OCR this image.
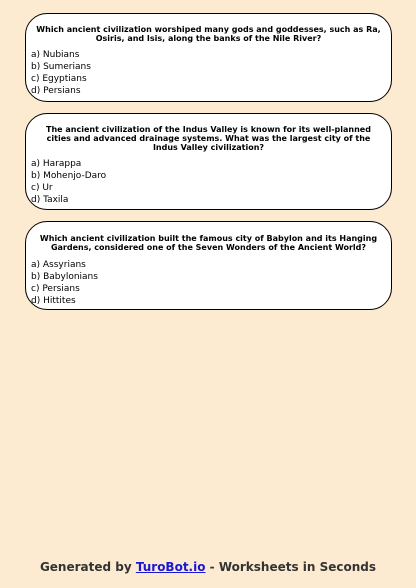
Which ancient civilization worshiped many gods and goddesses, such as Ra, Osiris, and Isis, along the banks of the Nile River?

a) Nubians
b) Sumerians
c) Egyptians
d) Persians

The ancient civilization of the Indus Valley is known for its well-planned cities and advanced drainage systems. What was the largest city of the Indus Valley civilization?

a) Harappa
b) Mohenjo-Daro
c) Ur
d) Taxila

Which ancient civilization built the famous city of Babylon and its Hanging Gardens, considered one of the Seven Wonders of the Ancient World?

a) Assyrians
b) Babylonians
c) Persians
d) Hittites
Generated by TuroBot.io - Worksheets in Seconds
